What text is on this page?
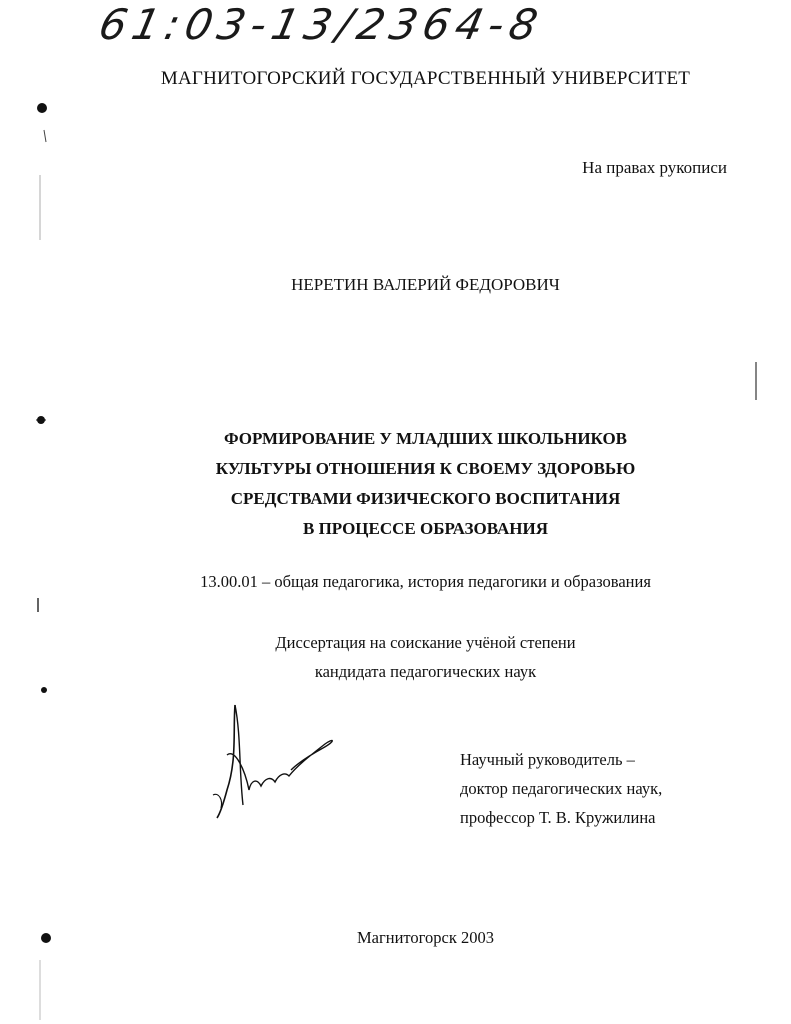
61:03-13/2364-8
МАГНИТОГОРСКИЙ ГОСУДАРСТВЕННЫЙ УНИВЕРСИТЕТ
На правах рукописи
НЕРЕТИН ВАЛЕРИЙ ФЕДОРОВИЧ
ФОРМИРОВАНИЕ У МЛАДШИХ ШКОЛЬНИКОВ
КУЛЬТУРЫ ОТНОШЕНИЯ К СВОЕМУ ЗДОРОВЬЮ
СРЕДСТВАМИ ФИЗИЧЕСКОГО ВОСПИТАНИЯ
В ПРОЦЕССЕ ОБРАЗОВАНИЯ
13.00.01 – общая педагогика, история педагогики и образования
Диссертация на соискание учёной степени
кандидата педагогических наук
Научный руководитель –
доктор педагогических наук,
профессор Т. В. Кружилина
Магнитогорск 2003
